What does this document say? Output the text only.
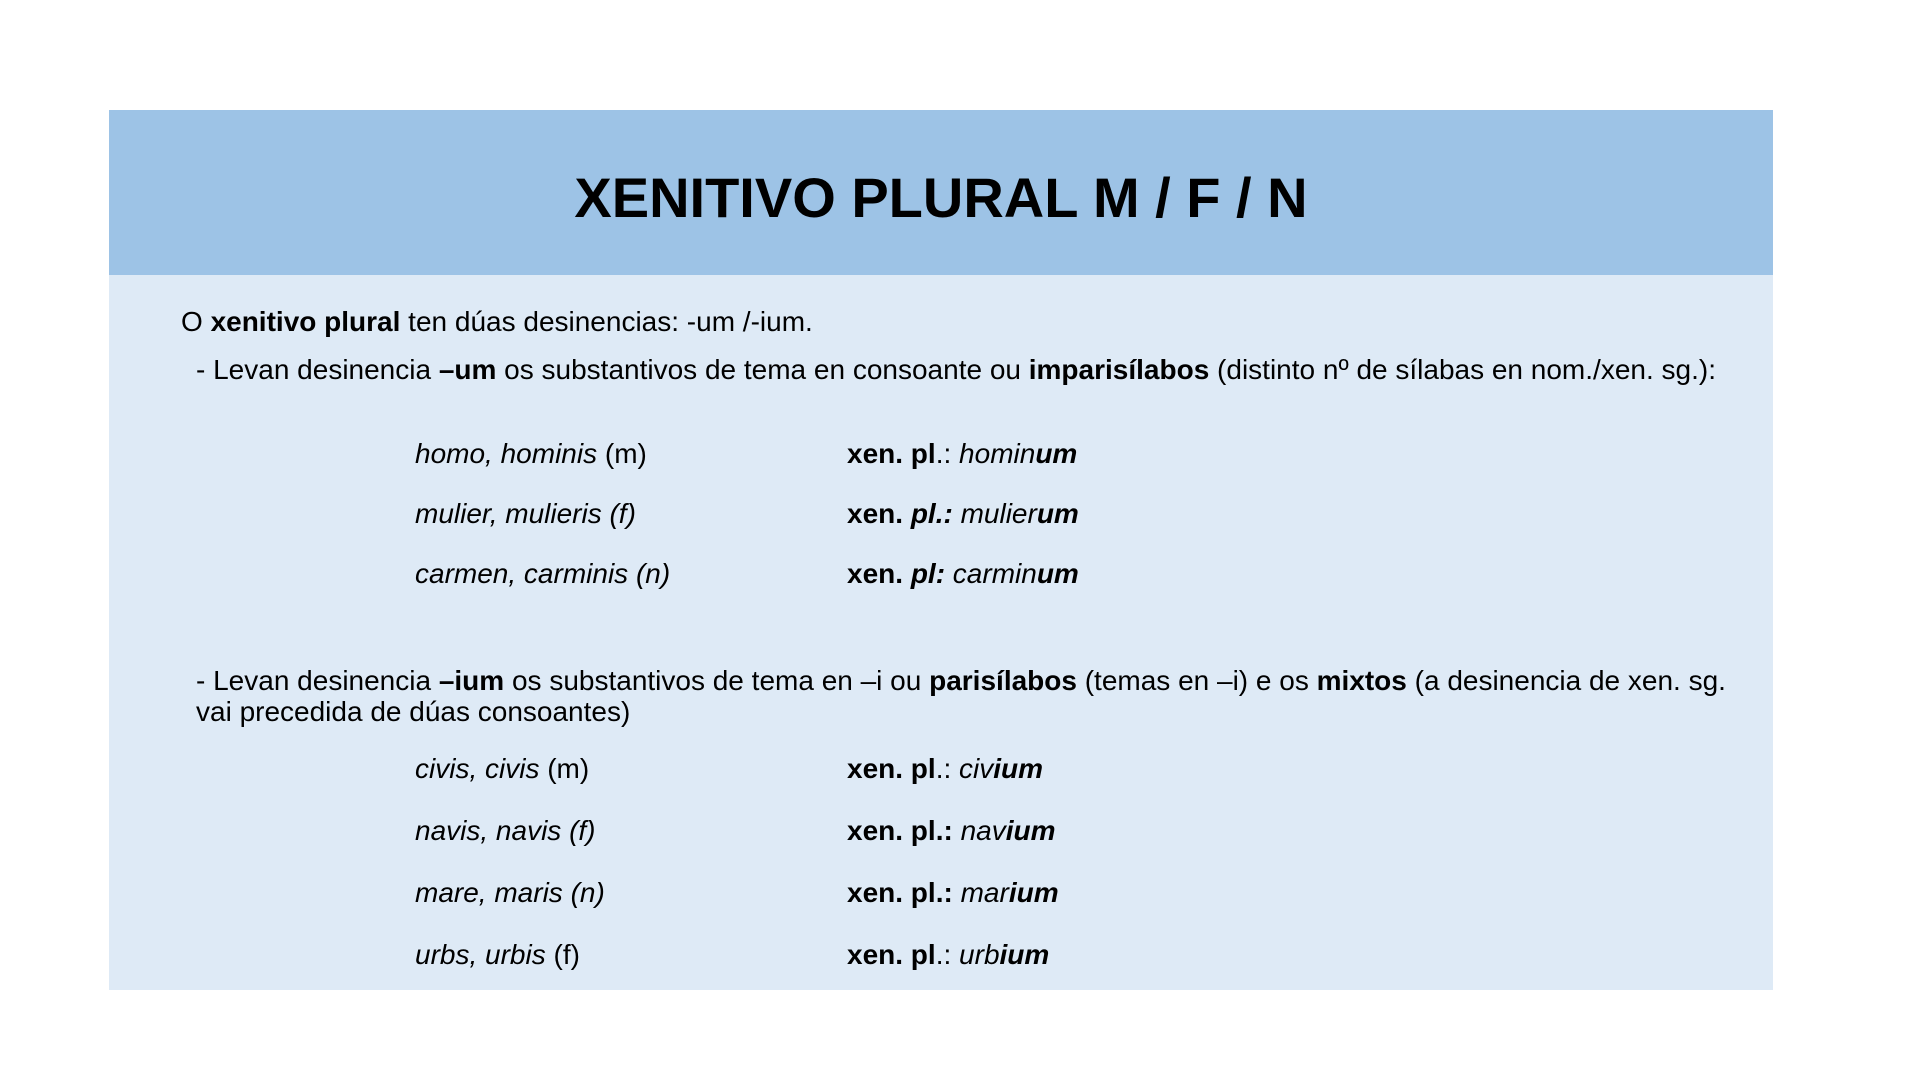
XENITIVO PLURAL M / F / N
O xenitivo plural ten dúas desinencias: -um /-ium.
- Levan desinencia –um os substantivos de tema en consoante ou imparisílabos (distinto nº de sílabas en nom./xen. sg.):
homo, hominis (m)	xen. pl.: hominum
mulier, mulieris (f)	xen. pl.: mulierum
carmen, carminis (n)	xen. pl: carminum
- Levan desinencia –ium os substantivos de tema en –i ou parisílabos (temas en –i) e os mixtos (a desinencia de xen. sg. vai precedida de dúas consoantes)
civis, civis (m)	xen. pl.: civium
navis, navis (f)	xen. pl.: navium
mare, maris (n)	xen. pl.: marium
urbs, urbis (f)	xen. pl.: urbium
